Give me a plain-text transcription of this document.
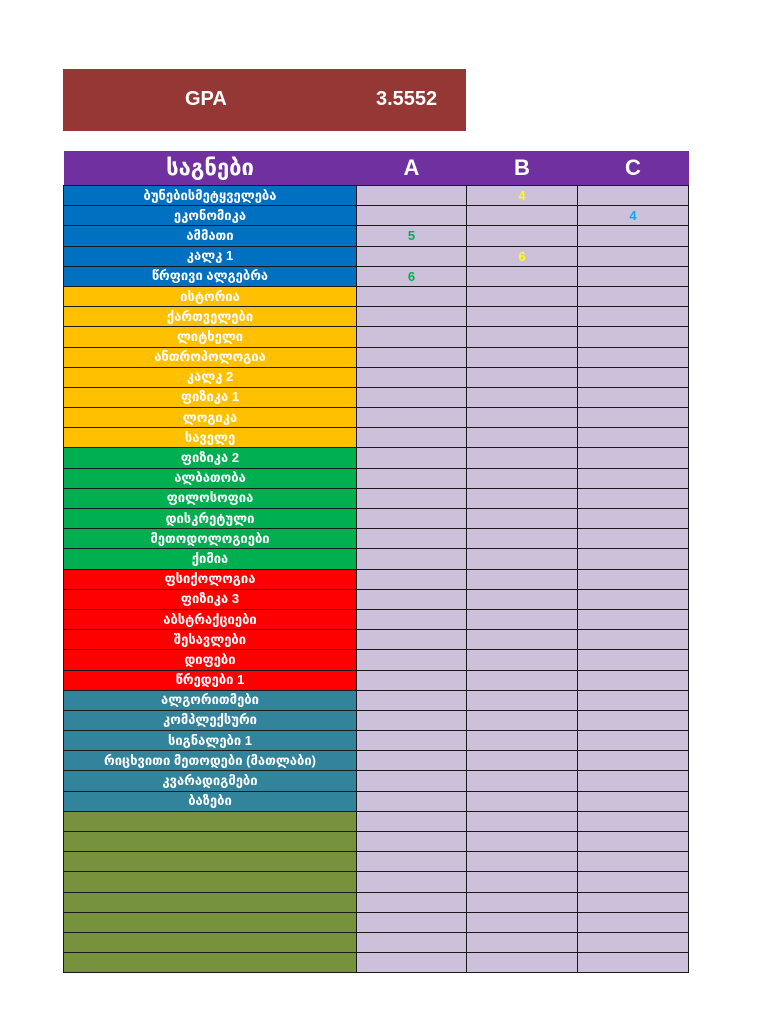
GPA	3.5552
საგნები	A	B	C
ბუნებისმეტყველება		4	
ეკონომიკა			4
ამმათი	5		
კალკ 1		6	
წრფივი ალგებრა	6		
ისტორია			
ქართველები			
ლიტხელი			
ანთროპოლოგია			
კალკ 2			
ფიზიკა 1			
ლოგიკა			
საველე			
ფიზიკა 2			
ალბათობა			
ფილოსოფია			
დისკრეტული			
მეთოდოლოგიები			
ქიმია			
ფსიქოლოგია			
ფიზიკა 3			
აბსტრაქციები			
შესავლები			
დიფები			
წრედები 1			
ალგორითმები			
კომპლექსური			
სიგნალები 1			
რიცხვითი მეთოდები (მათლაბი)			
კვარადიგმები			
ბაზები			
